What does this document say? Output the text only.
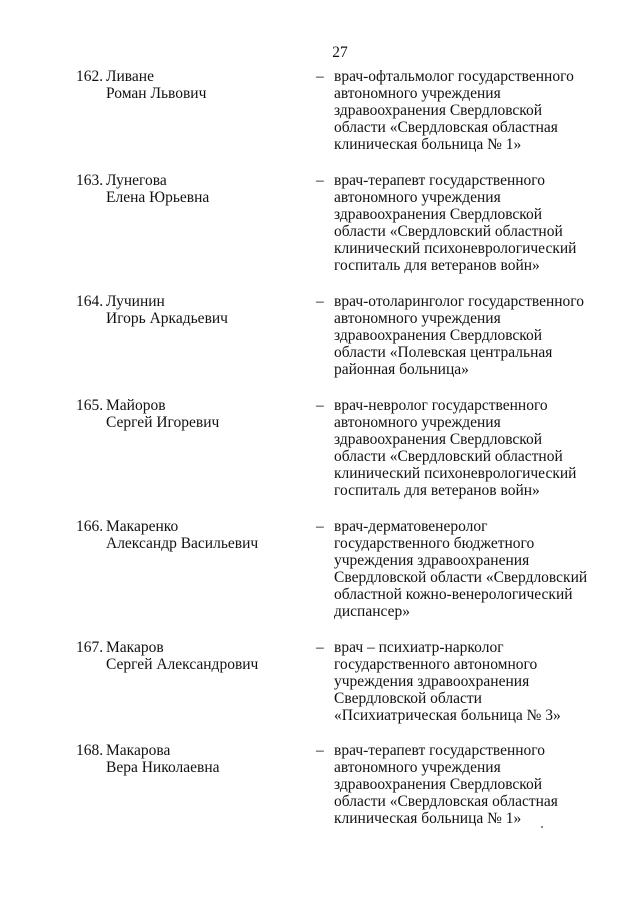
27
162. Ливане
Роман Львович
– врач-офтальмолог государственного
автономного учреждения
здравоохранения Свердловской
области «Свердловская областная
клиническая больница № 1»
163. Лунегова
Елена Юрьевна
– врач-терапевт государственного
автономного учреждения
здравоохранения Свердловской
области «Свердловский областной
клинический психоневрологический
госпиталь для ветеранов войн»
164. Лучинин
Игорь Аркадьевич
– врач-отоларинголог государственного
автономного учреждения
здравоохранения Свердловской
области «Полевская центральная
районная больница»
165. Майоров
Сергей Игоревич
– врач-невролог государственного
автономного учреждения
здравоохранения Свердловской
области «Свердловский областной
клинический психоневрологический
госпиталь для ветеранов войн»
166. Макаренко
Александр Васильевич
– врач-дерматовенеролог
государственного бюджетного
учреждения здравоохранения
Свердловской области «Свердловский
областной кожно-венерологический
диспансер»
167. Макаров
Сергей Александрович
– врач – психиатр-нарколог
государственного автономного
учреждения здравоохранения
Свердловской области
«Психиатрическая больница № 3»
168. Макарова
Вера Николаевна
– врач-терапевт государственного
автономного учреждения
здравоохранения Свердловской
области «Свердловская областная
клиническая больница № 1»
